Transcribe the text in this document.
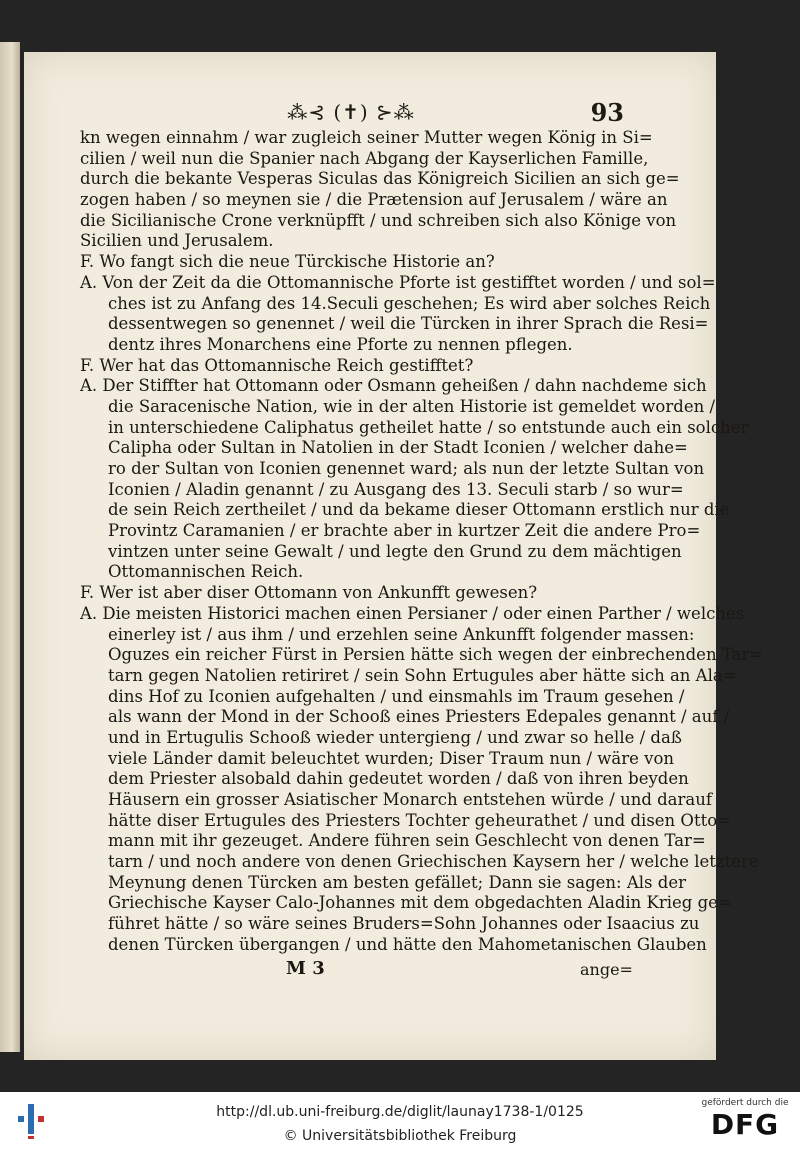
⁂⊰ (✝) ⊱⁂	93
kn wegen einnahm / war zugleich seiner Mutter wegen König in Si=
cilien / weil nun die Spanier nach Abgang der Kayserlichen Famille,
durch die bekante Vesperas Siculas das Königreich Sicilien an sich ge=
zogen haben / so meynen sie / die Prætension auf Jerusalem / wäre an
die Sicilianische Crone verknüpfft / und schreiben sich also Könige von
Sicilien und Jerusalem.
F. Wo fangt sich die neue Türckische Historie an?
A. Von der Zeit da die Ottomannische Pforte ist gestifftet worden / und sol=
ches ist zu Anfang des 14.Seculi geschehen; Es wird aber solches Reich
dessentwegen so genennet / weil die Türcken in ihrer Sprach die Resi=
dentz ihres Monarchens eine Pforte zu nennen pflegen.
F. Wer hat das Ottomannische Reich gestifftet?
A. Der Stiffter hat Ottomann oder Osmann geheißen / dahn nachdeme sich
die Saracenische Nation, wie in der alten Historie ist gemeldet worden /
in unterschiedene Caliphatus getheilet hatte / so entstunde auch ein solcher
Calipha oder Sultan in Natolien in der Stadt Iconien / welcher dahe=
ro der Sultan von Iconien genennet ward; als nun der letzte Sultan von
Iconien / Aladin genannt / zu Ausgang des 13. Seculi starb / so wur=
de sein Reich zertheilet / und da bekame dieser Ottomann erstlich nur die
Provintz Caramanien / er brachte aber in kurtzer Zeit die andere Pro=
vintzen unter seine Gewalt / und legte den Grund zu dem mächtigen
Ottomannischen Reich.
F. Wer ist aber diser Ottomann von Ankunfft gewesen?
A. Die meisten Historici machen einen Persianer / oder einen Parther / welches
einerley ist / aus ihm / und erzehlen seine Ankunfft folgender massen:
Oguzes ein reicher Fürst in Persien hätte sich wegen der einbrechenden Tar=
tarn gegen Natolien retiriret / sein Sohn Ertugules aber hätte sich an Ala=
dins Hof zu Iconien aufgehalten / und einsmahls im Traum gesehen /
als wann der Mond in der Schooß eines Priesters Edepales genannt / auf /
und in Ertugulis Schooß wieder untergieng / und zwar so helle / daß
viele Länder damit beleuchtet wurden; Diser Traum nun / wäre von
dem Priester alsobald dahin gedeutet worden / daß von ihren beyden
Häusern ein grosser Asiatischer Monarch entstehen würde / und darauf
hätte diser Ertugules des Priesters Tochter geheurathet / und disen Otto=
mann mit ihr gezeuget. Andere führen sein Geschlecht von denen Tar=
tarn / und noch andere von denen Griechischen Kaysern her / welche letztere
Meynung denen Türcken am besten gefället; Dann sie sagen: Als der
Griechische Kayser Calo-Johannes mit dem obgedachten Aladin Krieg ge=
führet hätte / so wäre seines Bruders=Sohn Johannes oder Isaacius zu
denen Türcken übergangen / und hätte den Mahometanischen Glauben
M 3	ange=
http://dl.ub.uni-freiburg.de/diglit/launay1738-1/0125
© Universitätsbibliothek Freiburg
gefördert durch die
DFG
